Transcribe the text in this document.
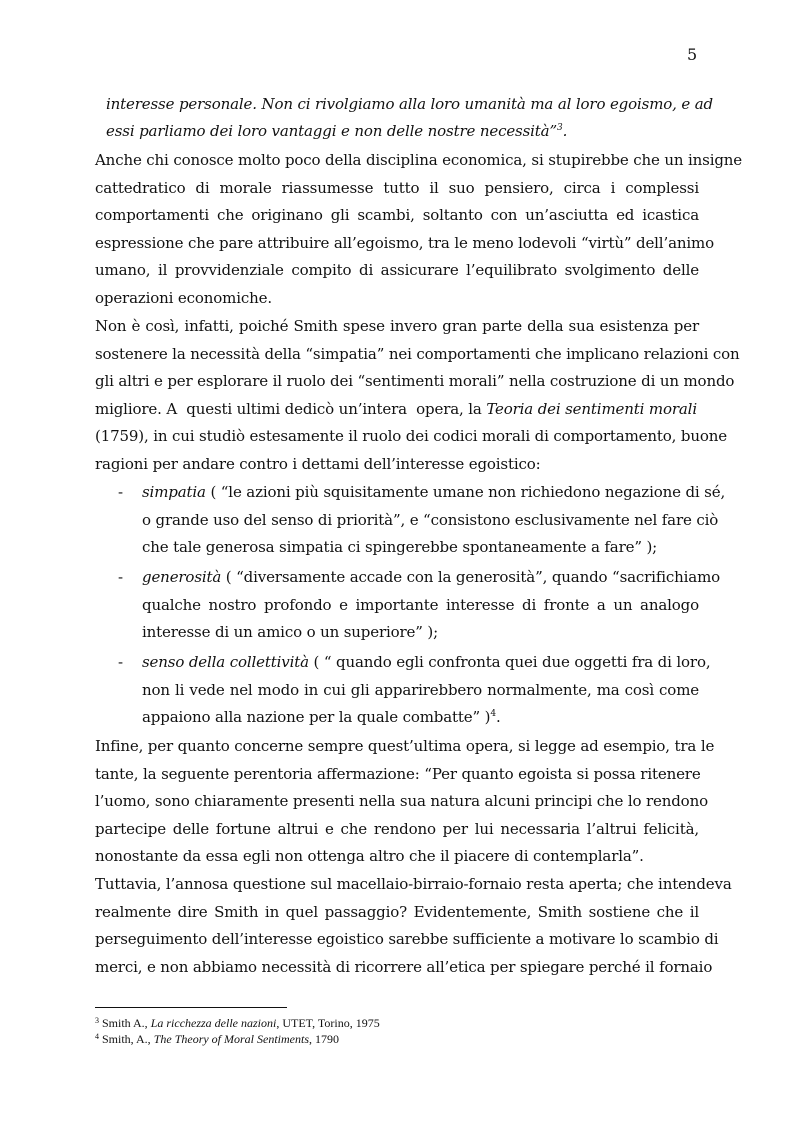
5
interesse personale. Non ci rivolgiamo alla loro umanità ma al loro egoismo, e ad
essi parliamo dei loro vantaggi e non delle nostre necessità”$^3$.
Anche chi conosce molto poco della disciplina economica, si stupirebbe che un insigne
cattedratico di morale riassumesse tutto il suo pensiero, circa i complessi
comportamenti che originano gli scambi, soltanto con un’asciutta ed icastica
espressione che pare attribuire all’egoismo, tra le meno lodevoli “virtù” dell’animo
umano, il provvidenziale compito di assicurare l’equilibrato svolgimento delle
operazioni economiche.
Non è così, infatti, poiché Smith spese invero gran parte della sua esistenza per
sostenere la necessità della “simpatia” nei comportamenti che implicano relazioni con
gli altri e per esplorare il ruolo dei “sentimenti morali” nella costruzione di un mondo
migliore. A  questi ultimi dedicò un’intera  opera, la Teoria dei sentimenti morali
(1759), in cui studiò estesamente il ruolo dei codici morali di comportamento, buone
ragioni per andare contro i dettami dell’interesse egoistico:
- simpatia ( “le azioni più squisitamente umane non richiedono negazione di sé,
o grande uso del senso di priorità”, e “consistono esclusivamente nel fare ciò
che tale generosa simpatia ci spingerebbe spontaneamente a fare” );
- generosità ( “diversamente accade con la generosità”, quando “sacrifichiamo
qualche nostro profondo e importante interesse di fronte a un analogo
interesse di un amico o un superiore” );
- senso della collettività ( “ quando egli confronta quei due oggetti fra di loro,
non li vede nel modo in cui gli apparirebbero normalmente, ma così come
appaiono alla nazione per la quale combatte” )$^4$.
Infine, per quanto concerne sempre quest’ultima opera, si legge ad esempio, tra le
tante, la seguente perentoria affermazione: “Per quanto egoista si possa ritenere
l’uomo, sono chiaramente presenti nella sua natura alcuni principi che lo rendono
partecipe delle fortune altrui e che rendono per lui necessaria l’altrui felicità,
nonostante da essa egli non ottenga altro che il piacere di contemplarla”.
Tuttavia, l’annosa questione sul macellaio-birraio-fornaio resta aperta; che intendeva
realmente dire Smith in quel passaggio? Evidentemente, Smith sostiene che il
perseguimento dell’interesse egoistico sarebbe sufficiente a motivare lo scambio di
merci, e non abbiamo necessità di ricorrere all’etica per spiegare perché il fornaio
$^3$ Smith A., La ricchezza delle nazioni, UTET, Torino, 1975
$^4$ Smith, A., The Theory of Moral Sentiments, 1790
